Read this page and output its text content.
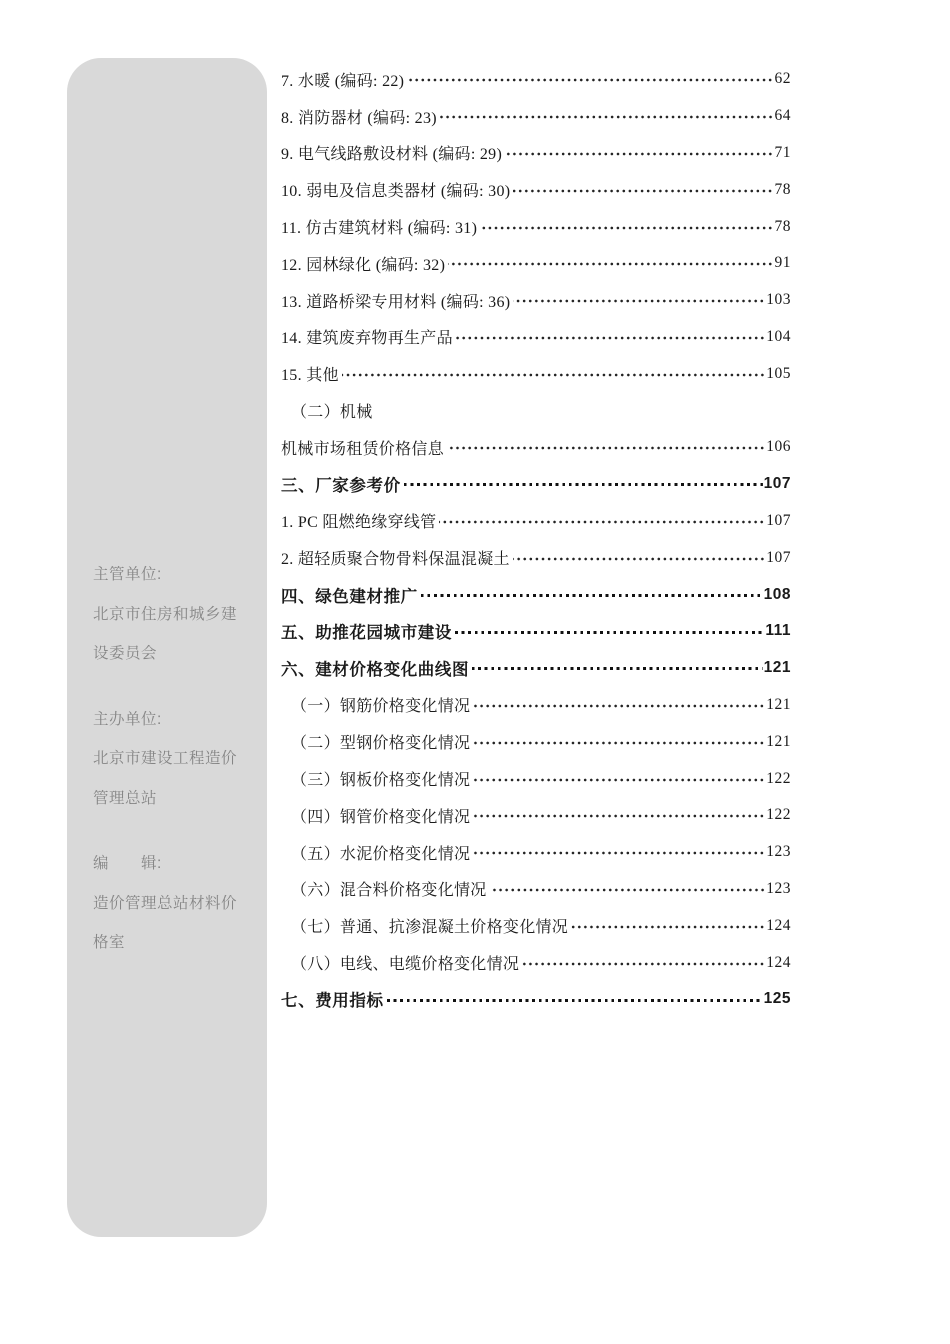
主管单位:
北京市住房和城乡建
设委员会
主办单位:
北京市建设工程造价
管理总站
编　　辑:
造价管理总站材料价
格室
7. 水暖 (编码: 22)	62
8. 消防器材 (编码: 23)	64
9. 电气线路敷设材料 (编码: 29)	71
10. 弱电及信息类器材 (编码: 30)	78
11. 仿古建筑材料 (编码: 31)	78
12. 园林绿化 (编码: 32)	91
13. 道路桥梁专用材料 (编码: 36)	103
14. 建筑废弃物再生产品	104
15. 其他	105
（二）机械
机械市场租赁价格信息	106
三、厂家参考价	107
1. PC 阻燃绝缘穿线管	107
2. 超轻质聚合物骨料保温混凝土	107
四、绿色建材推广	108
五、助推花园城市建设	111
六、建材价格变化曲线图	121
（一）钢筋价格变化情况	121
（二）型钢价格变化情况	121
（三）钢板价格变化情况	122
（四）钢管价格变化情况	122
（五）水泥价格变化情况	123
（六）混合料价格变化情况	123
（七）普通、抗渗混凝土价格变化情况	124
（八）电线、电缆价格变化情况	124
七、费用指标	125
